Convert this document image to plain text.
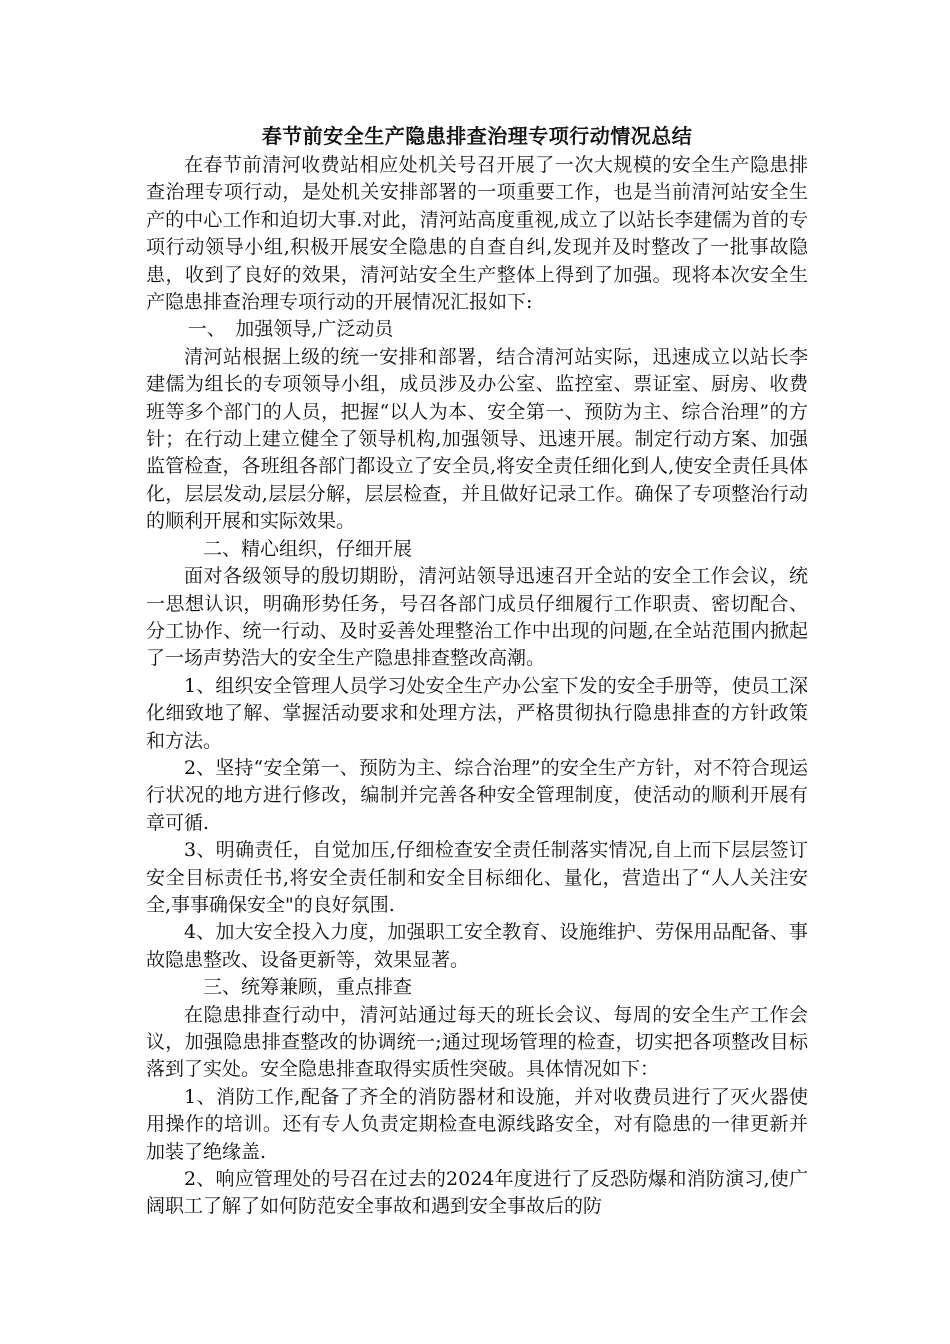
春节前安全生产隐患排查治理专项行动情况总结

在春节前清河收费站相应处机关号召开展了一次大规模的安全生产隐患排查治理专项行动，是处机关安排部署的一项重要工作，也是当前清河站安全生产的中心工作和迫切大事.对此，清河站高度重视,成立了以站长李建儒为首的专项行动领导小组,积极开展安全隐患的自查自纠,发现并及时整改了一批事故隐患，收到了良好的效果，清河站安全生产整体上得到了加强。现将本次安全生产隐患排查治理专项行动的开展情况汇报如下:

一、　加强领导,广泛动员

清河站根据上级的统一安排和部署，结合清河站实际，迅速成立以站长李建儒为组长的专项领导小组，成员涉及办公室、监控室、票证室、厨房、收费班等多个部门的人员，把握“以人为本、安全第一、预防为主、综合治理”的方针；在行动上建立健全了领导机构,加强领导、迅速开展。制定行动方案、加强监管检查，各班组各部门都设立了安全员,将安全责任细化到人,使安全责任具体化，层层发动,层层分解，层层检查，并且做好记录工作。确保了专项整治行动的顺利开展和实际效果。

二、精心组织，仔细开展

面对各级领导的殷切期盼，清河站领导迅速召开全站的安全工作会议，统一思想认识，明确形势任务，号召各部门成员仔细履行工作职责、密切配合、分工协作、统一行动、及时妥善处理整治工作中出现的问题,在全站范围内掀起了一场声势浩大的安全生产隐患排查整改高潮。

1、组织安全管理人员学习处安全生产办公室下发的安全手册等，使员工深化细致地了解、掌握活动要求和处理方法，严格贯彻执行隐患排查的方针政策和方法。

2、坚持“安全第一、预防为主、综合治理”的安全生产方针，对不符合现运行状况的地方进行修改，编制并完善各种安全管理制度，使活动的顺利开展有章可循.

3、明确责任，自觉加压,仔细检查安全责任制落实情况,自上而下层层签订安全目标责任书,将安全责任制和安全目标细化、量化，营造出了“人人关注安全,事事确保安全"的良好氛围.

4、加大安全投入力度，加强职工安全教育、设施维护、劳保用品配备、事故隐患整改、设备更新等，效果显著。

三、统筹兼顾，重点排查

在隐患排查行动中，清河站通过每天的班长会议、每周的安全生产工作会议，加强隐患排查整改的协调统一;通过现场管理的检查，切实把各项整改目标落到了实处。安全隐患排查取得实质性突破。具体情况如下：

1、消防工作,配备了齐全的消防器材和设施，并对收费员进行了灭火器使用操作的培训。还有专人负责定期检查电源线路安全，对有隐患的一律更新并加装了绝缘盖.

2、响应管理处的号召在过去的2024年度进行了反恐防爆和消防演习,使广阔职工了解了如何防范安全事故和遇到安全事故后的防
